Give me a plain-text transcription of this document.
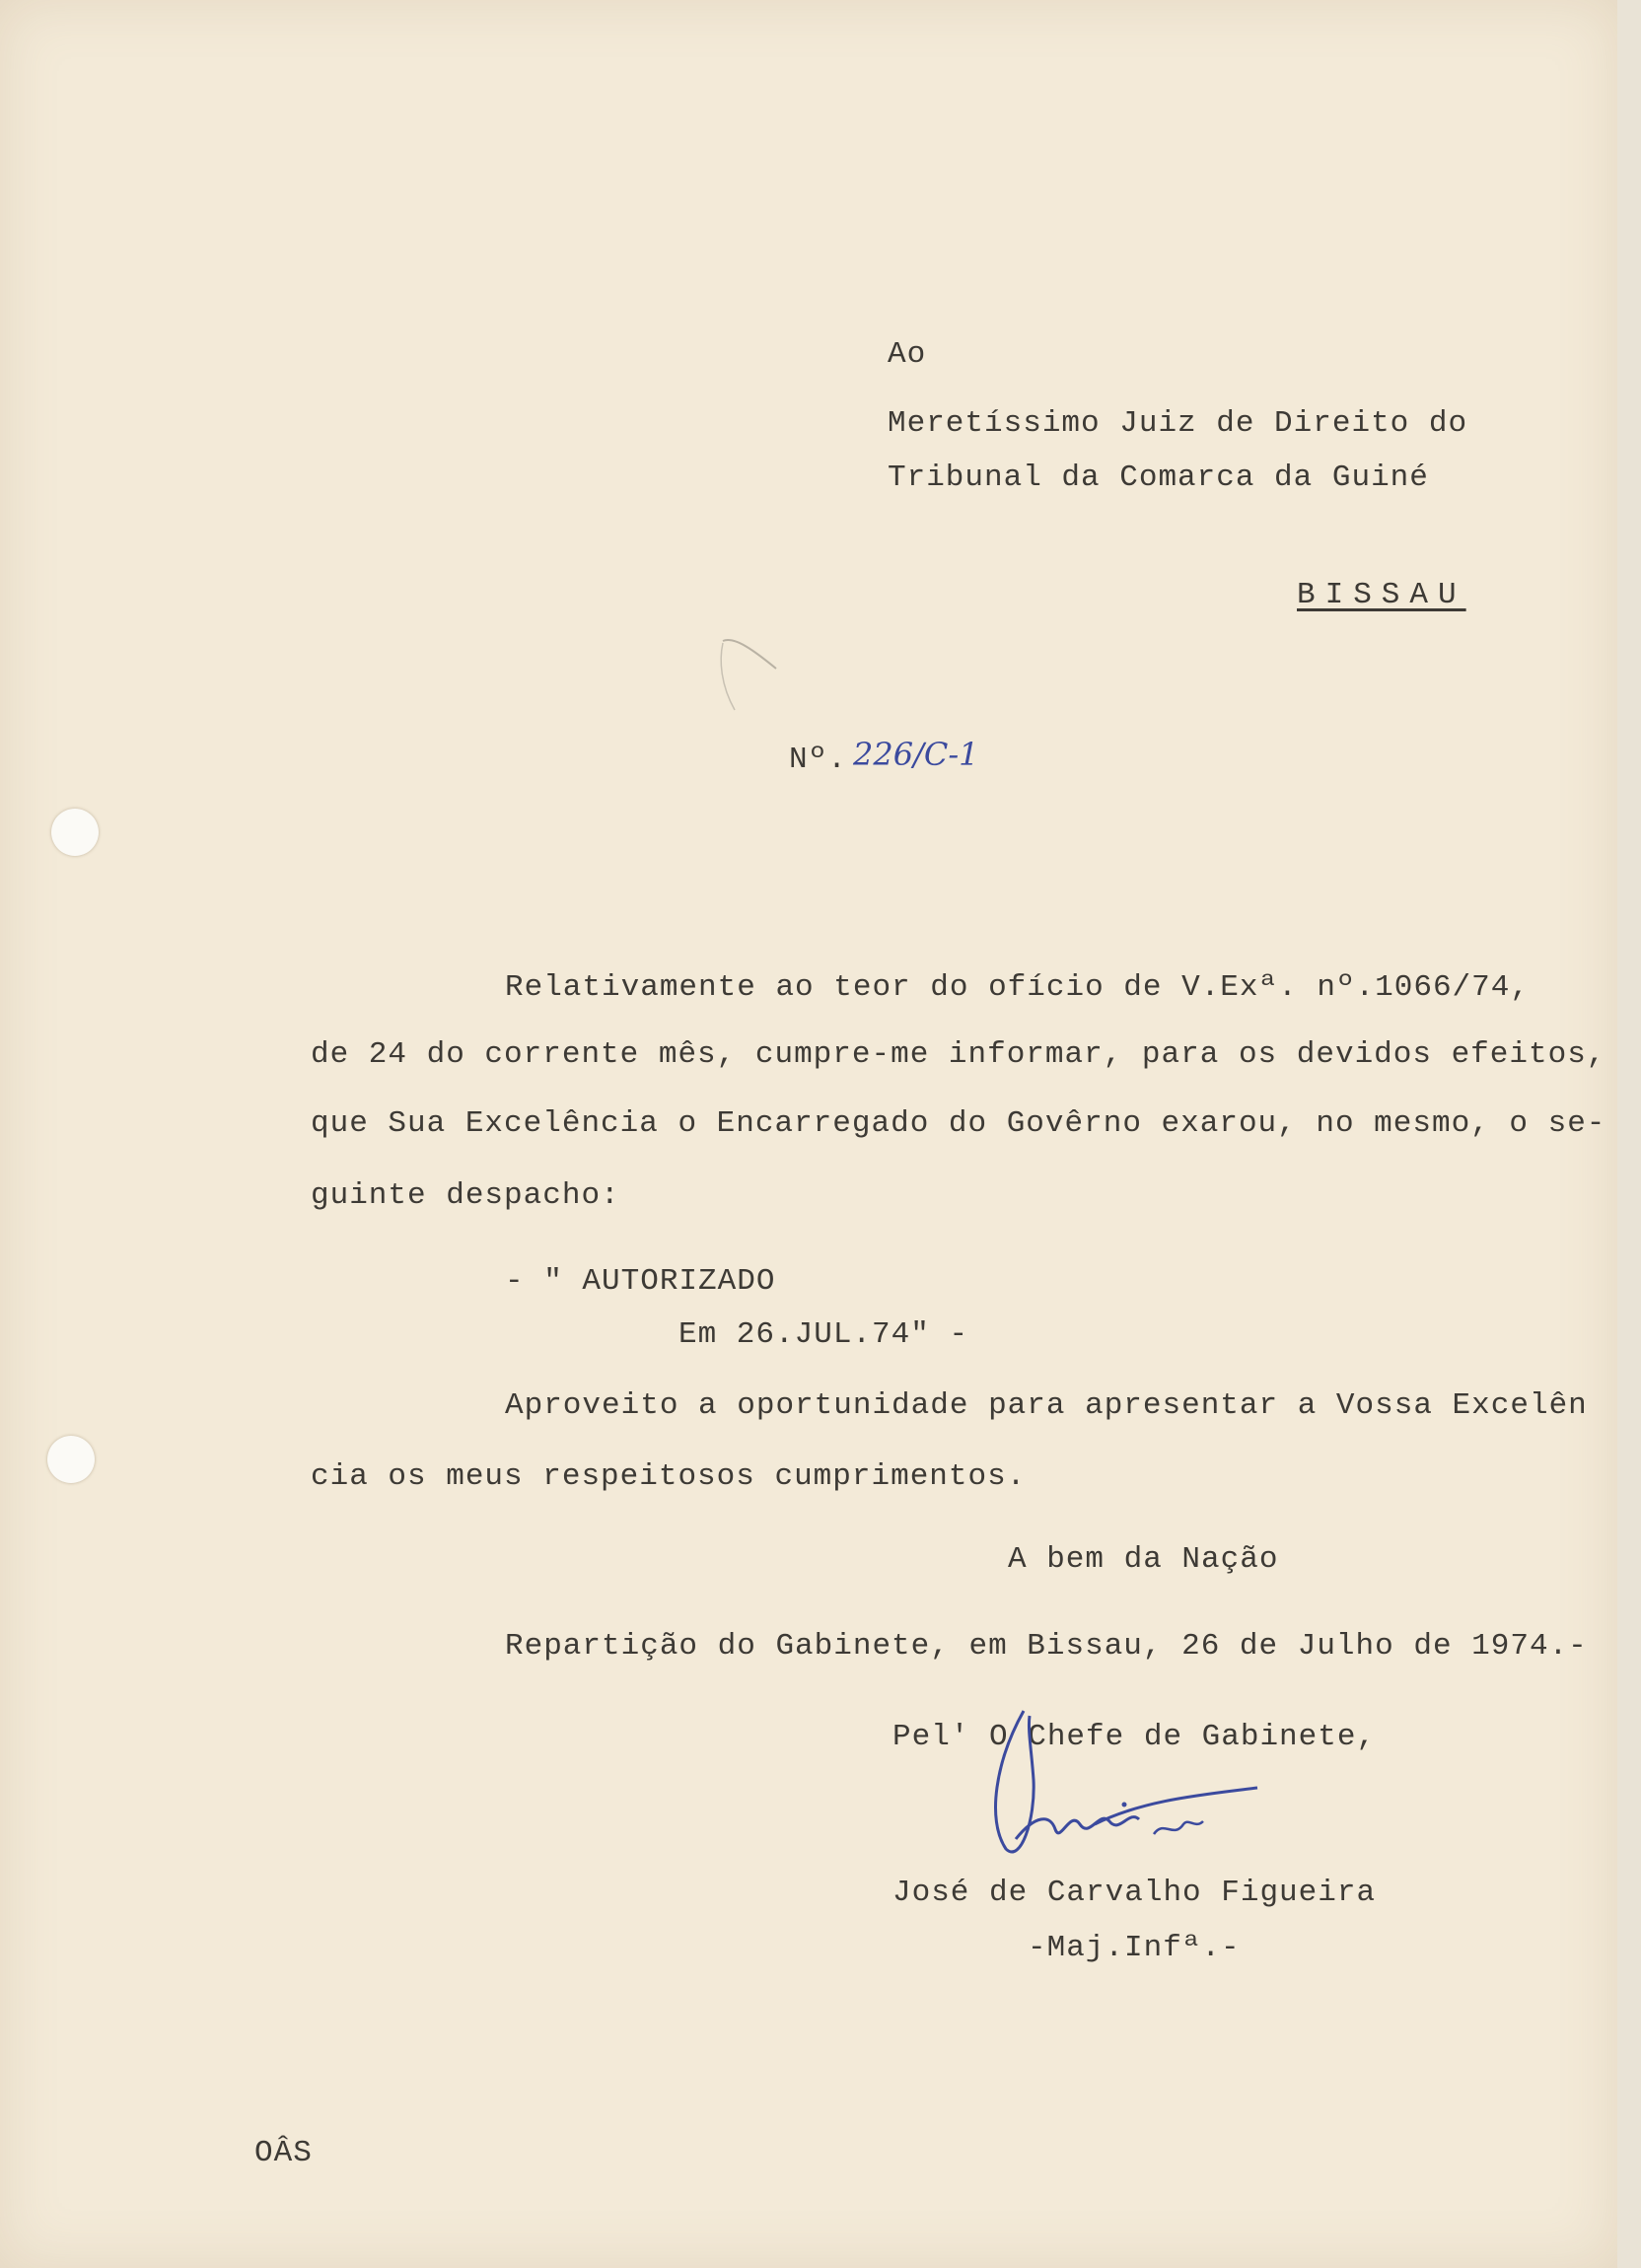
Ao

Meretíssimo Juiz de Direito do

Tribunal da Comarca da Guiné

BISSAU

Nº. 226/C-1

Relativamente ao teor do ofício de V.Exª. nº.1066/74,

de 24 do corrente mês, cumpre-me informar, para os devidos efeitos,

que Sua Excelência o Encarregado do Govêrno exarou, no mesmo, o se-

guinte despacho:

- " AUTORIZADO

Em 26.JUL.74" -

Aproveito a oportunidade para apresentar a Vossa Excelên

cia os meus respeitosos cumprimentos.

A bem da Nação

Repartição do Gabinete, em Bissau, 26 de Julho de 1974.-

Pel' O Chefe de Gabinete,

José de Carvalho Figueira

-Maj.Infª.-

OÂS
